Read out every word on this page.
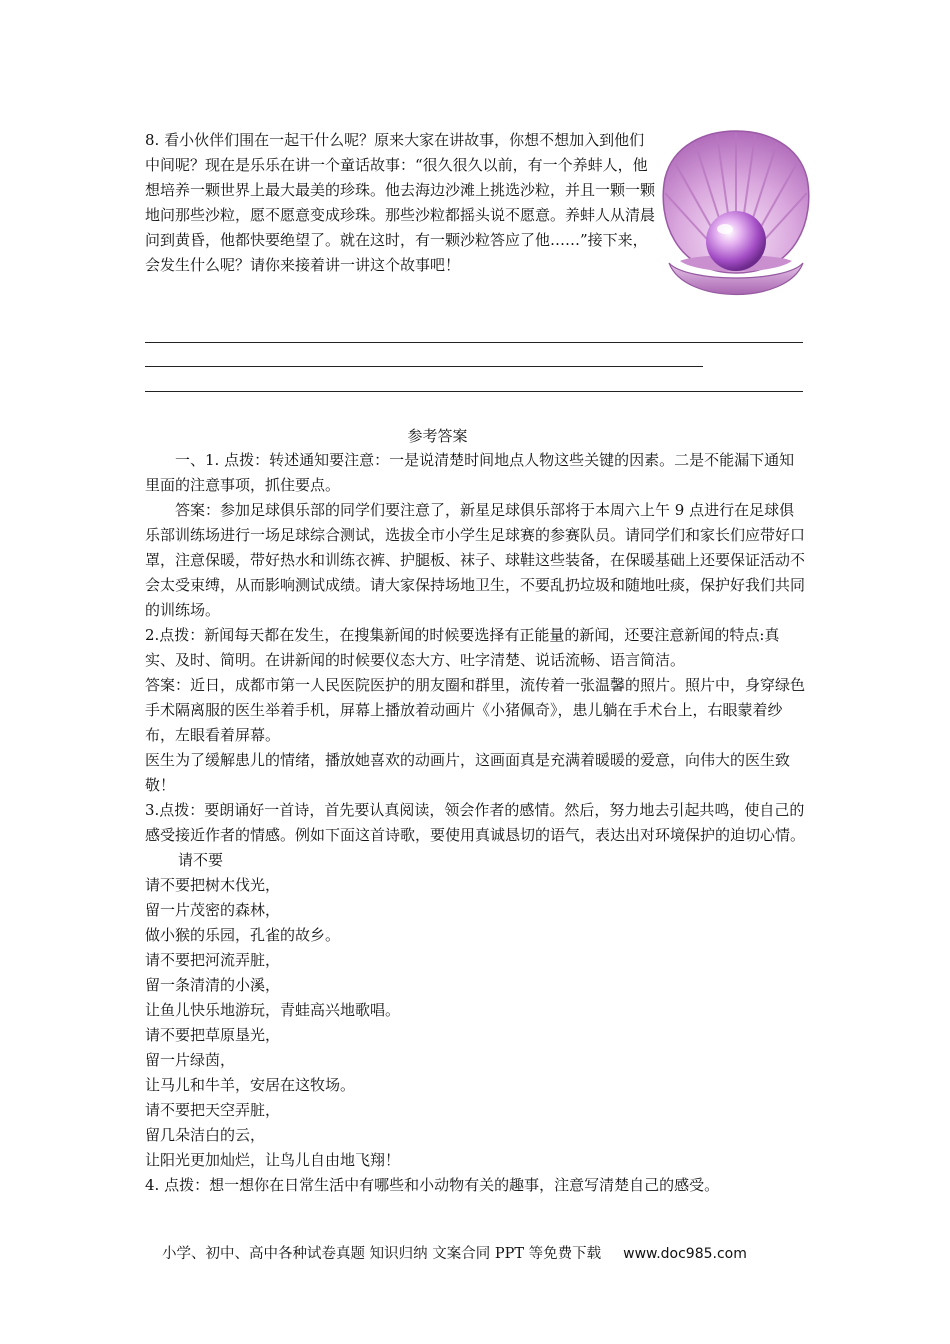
8. 看小伙伴们围在一起干什么呢？原来大家在讲故事，你想不想加入到他们中间呢？现在是乐乐在讲一个童话故事：“很久很久以前，有一个养蚌人，他想培养一颗世界上最大最美的珍珠。他去海边沙滩上挑选沙粒，并且一颗一颗地问那些沙粒，愿不愿意变成珍珠。那些沙粒都摇头说不愿意。养蚌人从清晨问到黄昏，他都快要绝望了。就在这时，有一颗沙粒答应了他……”接下来，会发生什么呢？请你来接着讲一讲这个故事吧！
参考答案

一、1. 点拨：转述通知要注意：一是说清楚时间地点人物这些关键的因素。二是不能漏下通知里面的注意事项，抓住要点。

答案：参加足球俱乐部的同学们要注意了，新星足球俱乐部将于本周六上午 9 点进行在足球俱乐部训练场进行一场足球综合测试，选拔全市小学生足球赛的参赛队员。请同学们和家长们应带好口罩，注意保暖，带好热水和训练衣裤、护腿板、袜子、球鞋这些装备，在保暖基础上还要保证活动不会太受束缚，从而影响测试成绩。请大家保持场地卫生，不要乱扔垃圾和随地吐痰，保护好我们共同的训练场。

2.点拨：新闻每天都在发生，在搜集新闻的时候要选择有正能量的新闻，还要注意新闻的特点:真实、及时、简明。在讲新闻的时候要仪态大方、吐字清楚、说话流畅、语言简洁。

答案：近日，成都市第一人民医院医护的朋友圈和群里，流传着一张温馨的照片。照片中，身穿绿色手术隔离服的医生举着手机，屏幕上播放着动画片《小猪佩奇》，患儿躺在手术台上，右眼蒙着纱布，左眼看着屏幕。

医生为了缓解患儿的情绪，播放她喜欢的动画片，这画面真是充满着暖暖的爱意，向伟大的医生致敬！

3.点拨：要朗诵好一首诗，首先要认真阅读，领会作者的感情。然后，努力地去引起共鸣，使自己的感受接近作者的情感。例如下面这首诗歌，要使用真诚恳切的语气，表达出对环境保护的迫切心情。

请不要

请不要把树木伐光，

留一片茂密的森林，

做小猴的乐园，孔雀的故乡。

请不要把河流弄脏，

留一条清清的小溪，

让鱼儿快乐地游玩，青蛙高兴地歌唱。

请不要把草原垦光，

留一片绿茵，

让马儿和牛羊，安居在这牧场。

请不要把天空弄脏，

留几朵洁白的云，

让阳光更加灿烂，让鸟儿自由地飞翔！

4. 点拨：想一想你在日常生活中有哪些和小动物有关的趣事，注意写清楚自己的感受。

小学、初中、高中各种试卷真题 知识归纳 文案合同 PPT 等免费下载 www.doc985.com
